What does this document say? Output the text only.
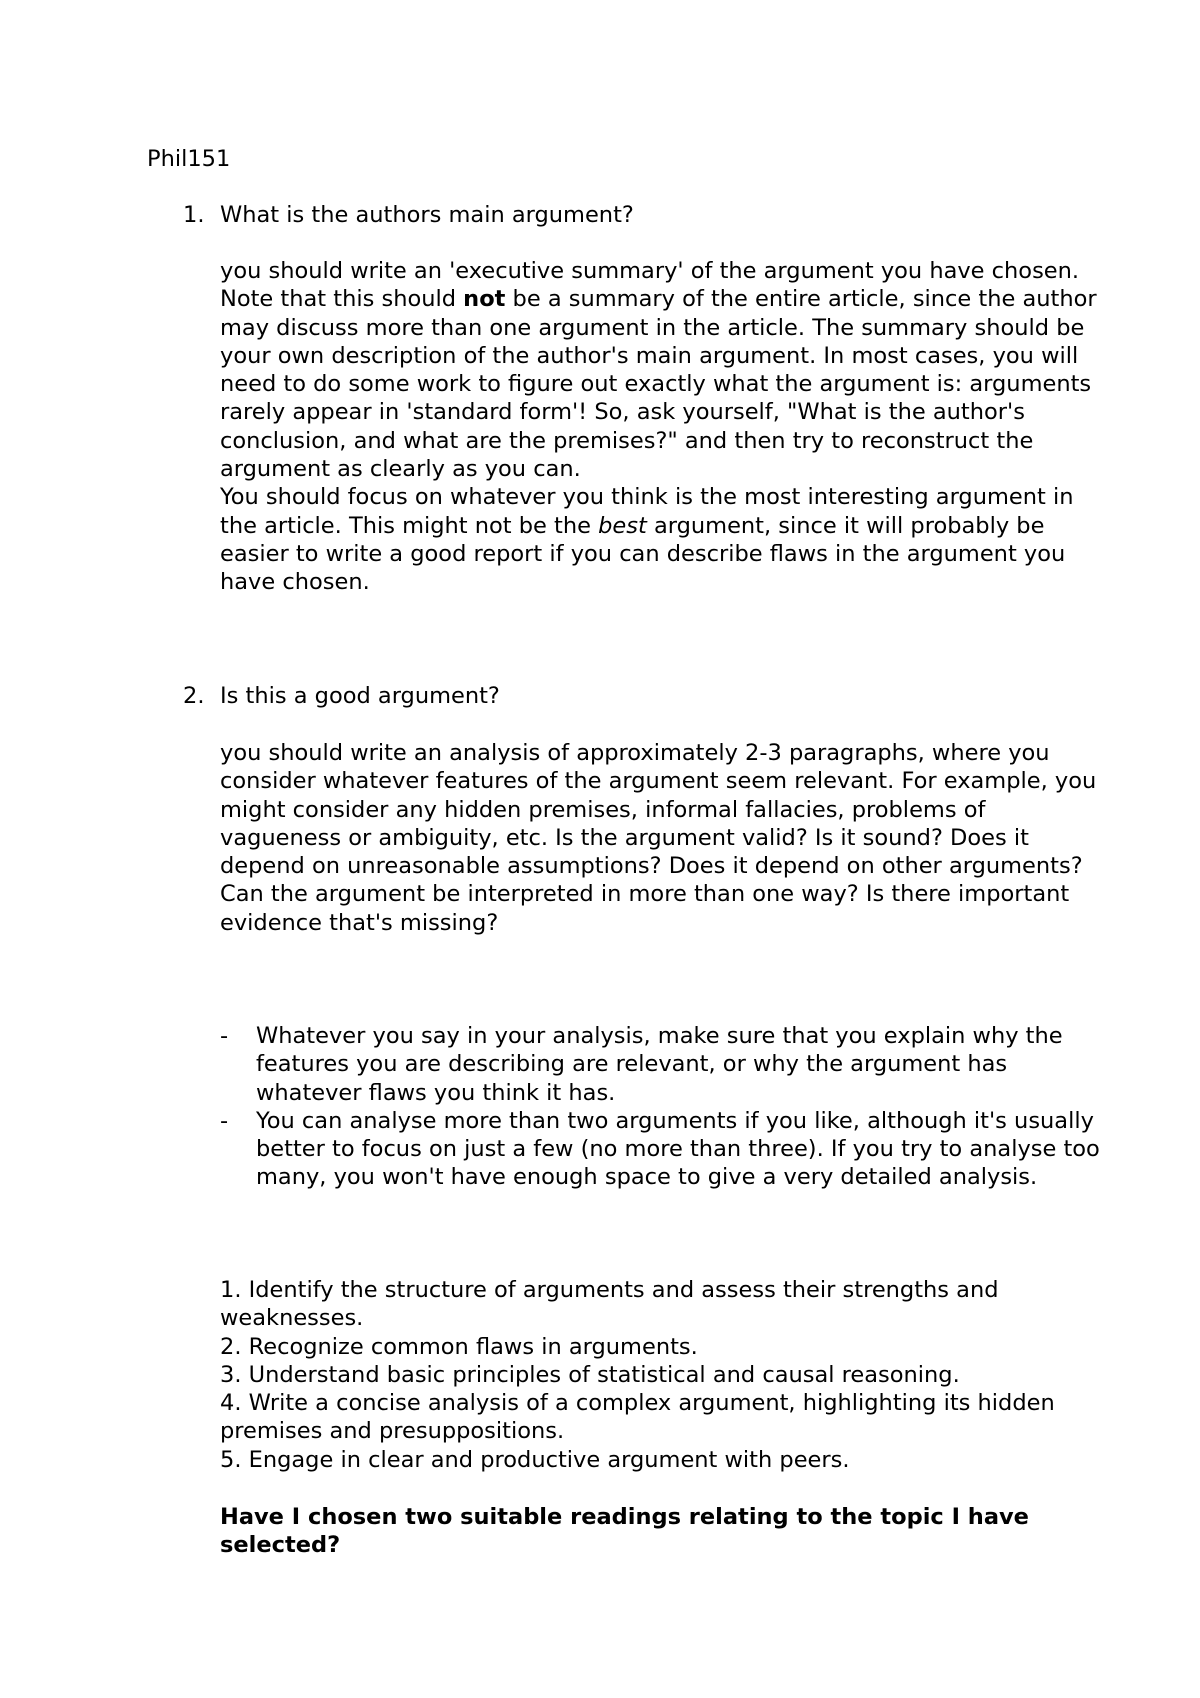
Phil151

1. What is the authors main argument?

you should write an 'executive summary' of the argument you have chosen. Note that this should not be a summary of the entire article, since the author may discuss more than one argument in the article. The summary should be your own description of the author's main argument. In most cases, you will need to do some work to figure out exactly what the argument is: arguments rarely appear in 'standard form'! So, ask yourself, "What is the author's conclusion, and what are the premises?" and then try to reconstruct the argument as clearly as you can.

You should focus on whatever you think is the most interesting argument in the article. This might not be the best argument, since it will probably be easier to write a good report if you can describe flaws in the argument you have chosen.

2. Is this a good argument?

you should write an analysis of approximately 2-3 paragraphs, where you consider whatever features of the argument seem relevant. For example, you might consider any hidden premises, informal fallacies, problems of vagueness or ambiguity, etc. Is the argument valid? Is it sound? Does it depend on unreasonable assumptions? Does it depend on other arguments? Can the argument be interpreted in more than one way? Is there important evidence that's missing?

- Whatever you say in your analysis, make sure that you explain why the features you are describing are relevant, or why the argument has whatever flaws you think it has.
- You can analyse more than two arguments if you like, although it's usually better to focus on just a few (no more than three). If you try to analyse too many, you won't have enough space to give a very detailed analysis.
1. Identify the structure of arguments and assess their strengths and weaknesses.
2. Recognize common flaws in arguments.
3. Understand basic principles of statistical and causal reasoning.
4. Write a concise analysis of a complex argument, highlighting its hidden premises and presuppositions.
5. Engage in clear and productive argument with peers.

Have I chosen two suitable readings relating to the topic I have selected?
